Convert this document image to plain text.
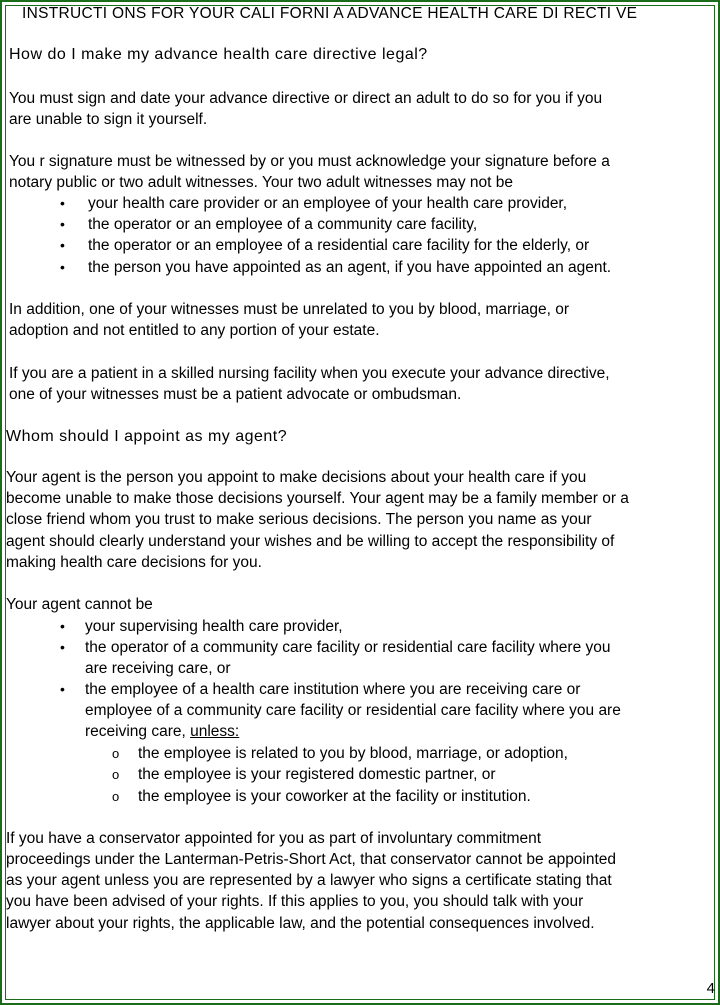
INSTRUCTI ONS FOR YOUR CALI FORNI A ADVANCE HEALTH CARE DI RECTI VE
How do I make my advance health care directive legal?
You must sign and date your advance directive or direct an adult to do so for you if you
are unable to sign it yourself.
You r signature must be witnessed by or you must acknowledge your signature before a
notary public or two adult witnesses. Your two adult witnesses may not be
• your health care provider or an employee of your health care provider,
• the operator or an employee of a community care facility,
• the operator or an employee of a residential care facility for the elderly, or
• the person you have appointed as an agent, if you have appointed an agent.
In addition, one of your witnesses must be unrelated to you by blood, marriage, or
adoption and not entitled to any portion of your estate.
If you are a patient in a skilled nursing facility when you execute your advance directive,
one of your witnesses must be a patient advocate or ombudsman.
Whom should I appoint as my agent?
Your agent is the person you appoint to make decisions about your health care if you
become unable to make those decisions yourself. Your agent may be a family member or a
close friend whom you trust to make serious decisions. The person you name as your
agent should clearly understand your wishes and be willing to accept the responsibility of
making health care decisions for you.
Your agent cannot be
• your supervising health care provider,
• the operator of a community care facility or residential care facility where you
are receiving care, or
• the employee of a health care institution where you are receiving care or
employee of a community care facility or residential care facility where you are
receiving care, unless:
o the employee is related to you by blood, marriage, or adoption,
o the employee is your registered domestic partner, or
o the employee is your coworker at the facility or institution.
If you have a conservator appointed for you as part of involuntary commitment
proceedings under the Lanterman-Petris-Short Act, that conservator cannot be appointed
as your agent unless you are represented by a lawyer who signs a certificate stating that
you have been advised of your rights. If this applies to you, you should talk with your
lawyer about your rights, the applicable law, and the potential consequences involved.
4
